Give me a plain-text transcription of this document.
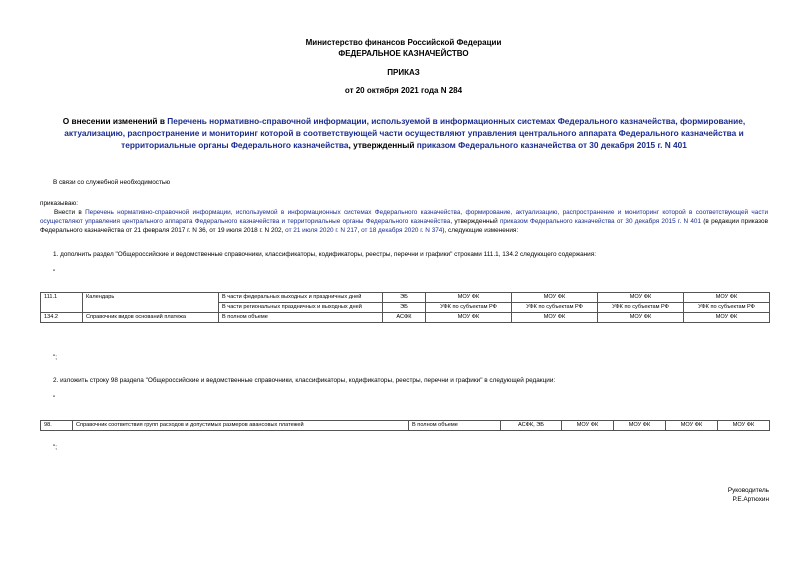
Министерство финансов Российской Федерации
ФЕДЕРАЛЬНОЕ КАЗНАЧЕЙСТВО
ПРИКАЗ
от 20 октября 2021 года N 284
О внесении изменений в Перечень нормативно-справочной информации, используемой в информационных системах Федерального казначейства, формирование, актуализацию, распространение и мониторинг которой в соответствующей части осуществляют управления центрального аппарата Федерального казначейства и территориальные органы Федерального казначейства, утвержденный приказом Федерального казначейства от 30 декабря 2015 г. N 401
В связи со служебной необходимостью
приказываю:
Внести в Перечень нормативно-справочной информации, используемой в информационных системах Федерального казначейства, формирование, актуализацию, распространение и мониторинг которой в соответствующей части осуществляют управления центрального аппарата Федерального казначейства и территориальные органы Федерального казначейства, утвержденный приказом Федерального казначейства от 30 декабря 2015 г. N 401 (в редакции приказов Федерального казначейства от 21 февраля 2017 г. N 36, от 19 июля 2018 г. N 202, от 21 июля 2020 г. N 217, от 18 декабря 2020 г. N 374), следующие изменения:
1. дополнить раздел "Общероссийские и ведомственные справочники, классификаторы, кодификаторы, реестры, перечни и графики" строками 111.1, 134.2 следующего содержания:
"
111.1	Календарь	В части федеральных выходных и праздничных дней	ЭБ	МОУ ФК	МОУ ФК	МОУ ФК	МОУ ФК
		В части региональных праздничных и выходных дней	ЭБ	УФК по субъектам РФ	УФК по субъектам РФ	УФК по субъектам РФ	УФК по субъектам РФ
134.2	Справочник видов оснований платежа	В полном объеме	АСФК	МОУ ФК	МОУ ФК	МОУ ФК	МОУ ФК
";
2. изложить строку 98 раздела "Общероссийские и ведомственные справочники, классификаторы, кодификаторы, реестры, перечни и графики" в следующей редакции:
"
98.	Справочник соответствия групп расходов и допустимых размеров авансовых платежей	В полном объеме	АСФК, ЭБ	МОУ ФК	МОУ ФК	МОУ ФК	МОУ ФК
";
Руководитель
Р.Е.Артюхин
